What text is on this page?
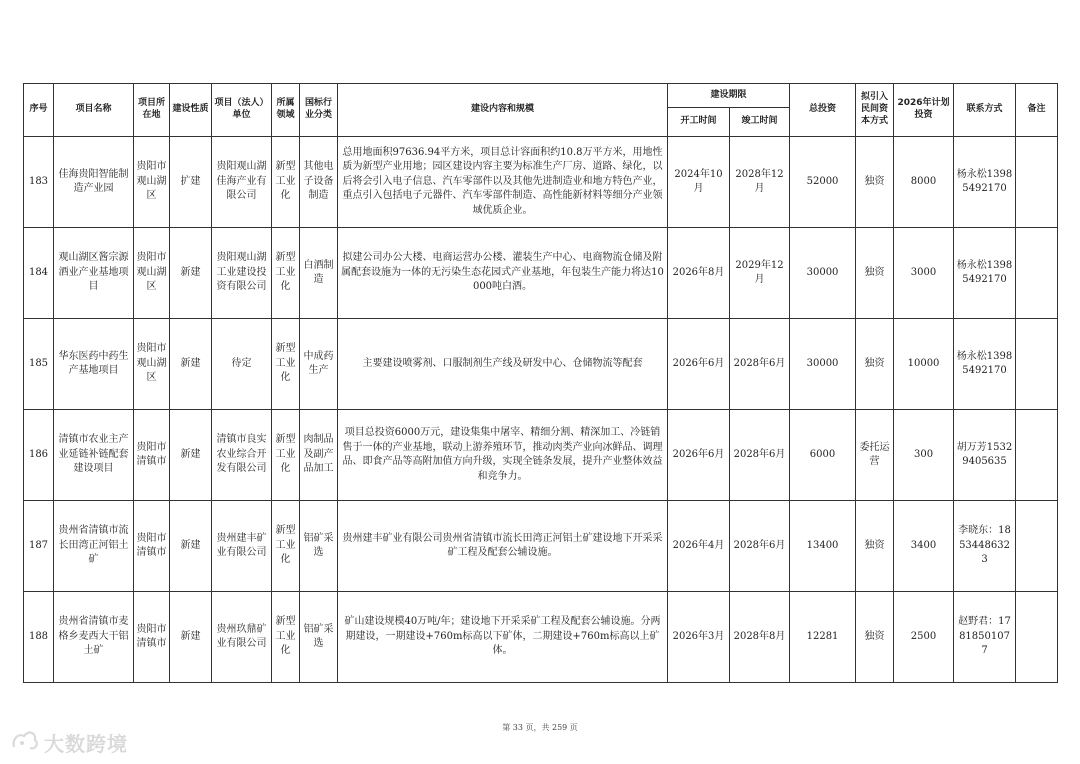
序号	项目名称	项目所在地	建设性质	项目（法人）单位	所属领域	国标行业分类	建设内容和规模	建设期限		总投资	拟引入民间资本方式	2026年计划投资	联系方式	备注
								开工时间	竣工时间					
183	佳海贵阳智能制造产业园	贵阳市观山湖区	扩建	贵阳观山湖佳海产业有限公司	新型工业化	其他电子设备制造	总用地面积97636.94平方米，项目总计容面积约10.8万平方米，用地性质为新型产业用地；园区建设内容主要为标准生产厂房、道路、绿化，以后将会引入电子信息、汽车零部件以及其他先进制造业和地方特色产业，重点引入包括电子元器件、汽车零部件制造、高性能新材料等细分产业领域优质企业。	2024年10月	2028年12月	52000	独资	8000	杨永松13985492170	
184	观山湖区酱宗源酒业产业基地项目	贵阳市观山湖区	新建	贵阳观山湖工业建设投资有限公司	新型工业化	白酒制造	拟建公司办公大楼、电商运营办公楼、灌装生产中心、电商物流仓储及附属配套设施为一体的无污染生态花园式产业基地，年包装生产能力将达10000吨白酒。	2026年8月	2029年12月	30000	独资	3000	杨永松13985492170	
185	华东医药中药生产基地项目	贵阳市观山湖区	新建	待定	新型工业化	中成药生产	主要建设喷雾剂、口服制剂生产线及研发中心、仓储物流等配套	2026年6月	2028年6月	30000	独资	10000	杨永松13985492170	
186	清镇市农业主产业延链补链配套建设项目	贵阳市清镇市	新建	清镇市良实农业综合开发有限公司	新型工业化	肉制品及副产品加工	项目总投资6000万元，建设集集中屠宰、精细分割、精深加工、冷链销售于一体的产业基地，联动上游养殖环节，推动肉类产业向冰鲜品、调理品、即食产品等高附加值方向升级，实现全链条发展，提升产业整体效益和竞争力。	2026年6月	2028年6月	6000	委托运营	300	胡万芳15329405635	
187	贵州省清镇市流长田湾正河铝土矿	贵阳市清镇市	新建	贵州建丰矿业有限公司	新型工业化	铝矿采选	贵州建丰矿业有限公司贵州省清镇市流长田湾正河铝土矿建设地下开采采矿工程及配套公辅设施。	2026年4月	2028年6月	13400	独资	3400	李晓东：18534486323	
188	贵州省清镇市麦格乡麦西大干铝土矿	贵阳市清镇市	新建	贵州玖鼎矿业有限公司	新型工业化	铝矿采选	矿山建设规模40万吨/年；建设地下开采采矿工程及配套公辅设施。分两期建设，一期建设+760m标高以下矿体，二期建设+760m标高以上矿体。	2026年3月	2028年8月	12281	独资	2500	赵野君：17818501077	
第 33 页，共 259 页
大数跨境
